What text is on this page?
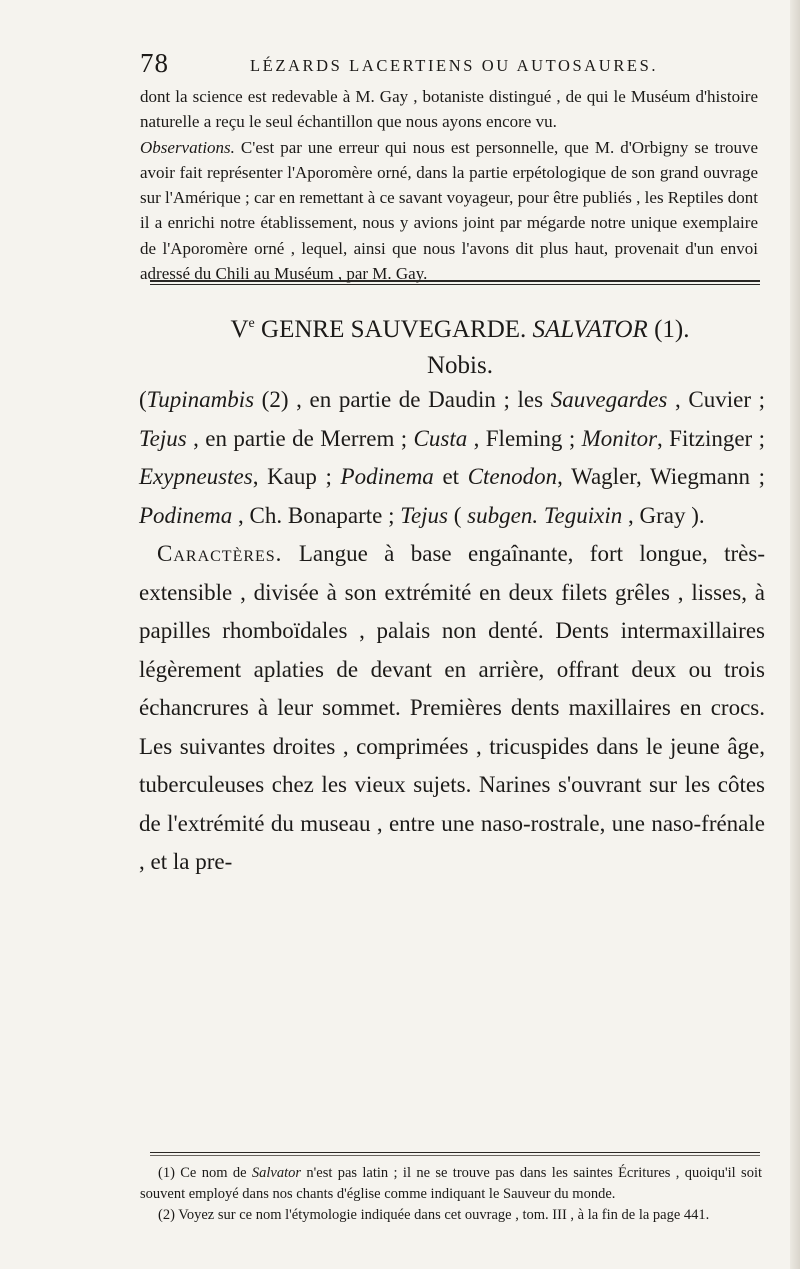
78	LÉZARDS LACERTIENS OU AUTOSAURES.

dont la science est redevable à M. Gay , botaniste distingué , de qui le Muséum d'histoire naturelle a reçu le seul échantillon que nous ayons encore vu.

Observations. C'est par une erreur qui nous est personnelle, que M. d'Orbigny se trouve avoir fait représenter l'Aporomère orné, dans la partie erpétologique de son grand ouvrage sur l'Amérique ; car en remettant à ce savant voyageur, pour être publiés , les Reptiles dont il a enrichi notre établissement, nous y avions joint par mégarde notre unique exemplaire de l'Aporomère orné , lequel, ainsi que nous l'avons dit plus haut, provenait d'un envoi adressé du Chili au Muséum , par M. Gay.

Ve GENRE SAUVEGARDE. SALVATOR (1).
Nobis.

(Tupinambis (2) , en partie de Daudin ; les Sauvegardes , Cuvier ; Tejus , en partie de Merrem ; Custa , Fleming ; Monitor, Fitzinger ; Exypneustes, Kaup ; Podinema et Ctenodon, Wagler, Wiegmann ; Podinema , Ch. Bonaparte ; Tejus ( subgen. Teguixin , Gray ).

Caractères. Langue à base engaînante, fort longue, très-extensible , divisée à son extrémité en deux filets grêles , lisses, à papilles rhomboïdales , palais non denté. Dents intermaxillaires légèrement aplaties de devant en arrière, offrant deux ou trois échancrures à leur sommet. Premières dents maxillaires en crocs. Les suivantes droites , comprimées , tricuspides dans le jeune âge, tuberculeuses chez les vieux sujets. Narines s'ouvrant sur les côtes de l'extrémité du museau , entre une naso-rostrale, une naso-frénale , et la pre-

(1) Ce nom de Salvator n'est pas latin ; il ne se trouve pas dans les saintes Écritures , quoiqu'il soit souvent employé dans nos chants d'église comme indiquant le Sauveur du monde.

(2) Voyez sur ce nom l'étymologie indiquée dans cet ouvrage , tom. III , à la fin de la page 441.
